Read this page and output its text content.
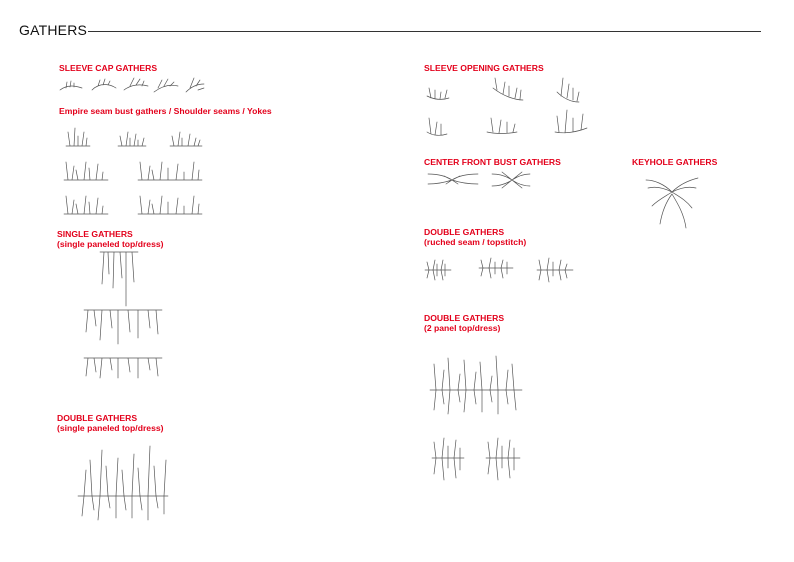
GATHERS
SLEEVE CAP GATHERS
Empire seam bust gathers / Shoulder seams / Yokes
SINGLE GATHERS
(single paneled top/dress)
DOUBLE GATHERS
(single paneled top/dress)
SLEEVE OPENING GATHERS
CENTER FRONT BUST GATHERS	KEYHOLE GATHERS
DOUBLE GATHERS
(ruched seam / topstitch)
DOUBLE GATHERS
(2 panel top/dress)
